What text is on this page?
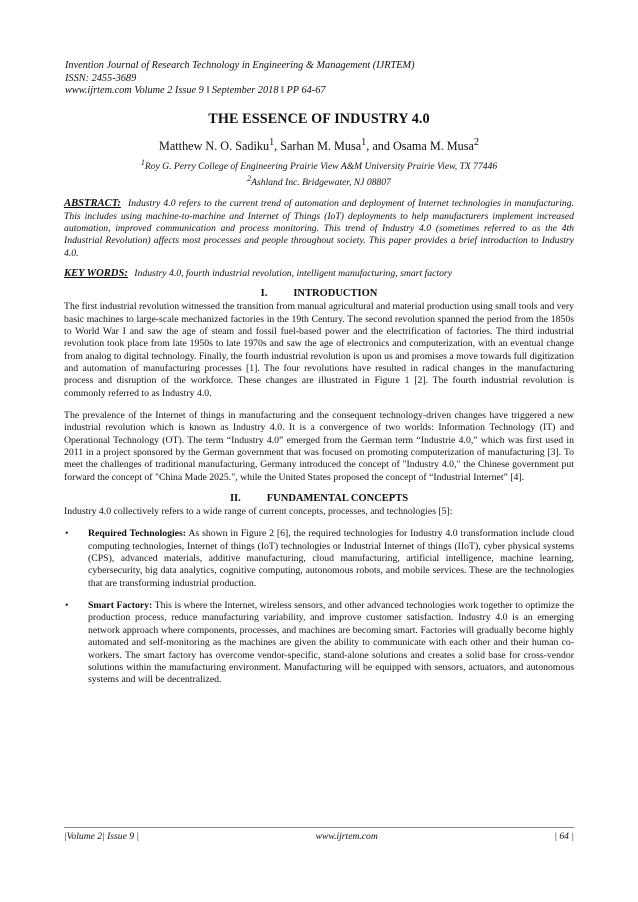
Invention Journal of Research Technology in Engineering & Management (IJRTEM)
ISSN: 2455-3689
www.ijrtem.com Volume 2 Issue 9 ǁ September 2018 ǁ PP 64-67
THE ESSENCE OF INDUSTRY 4.0
Matthew N. O. Sadiku$^1$, Sarhan M. Musa$^1$, and Osama M. Musa$^2$
$^1$Roy G. Perry College of Engineering Prairie View A&M University Prairie View, TX 77446
$^2$Ashland Inc. Bridgewater, NJ 08807
ABSTRACT: Industry 4.0 refers to the current trend of automation and deployment of Internet technologies in manufacturing. This includes using machine-to-machine and Internet of Things (IoT) deployments to help manufacturers implement increased automation, improved communication and process monitoring. This trend of Industry 4.0 (sometimes referred to as the 4th Industrial Revolution) affects most processes and people throughout society. This paper provides a brief introduction to Industry 4.0.
KEY WORDS: Industry 4.0, fourth industrial revolution, intelligent manufacturing, smart factory
I. INTRODUCTION
The first industrial revolution witnessed the transition from manual agricultural and material production using small tools and very basic machines to large-scale mechanized factories in the 19th Century. The second revolution spanned the period from the 1850s to World War I and saw the age of steam and fossil fuel-based power and the electrification of factories. The third industrial revolution took place from late 1950s to late 1970s and saw the age of electronics and computerization, with an eventual change from analog to digital technology. Finally, the fourth industrial revolution is upon us and promises a move towards full digitization and automation of manufacturing processes [1]. The four revolutions have resulted in radical changes in the manufacturing process and disruption of the workforce. These changes are illustrated in Figure 1 [2]. The fourth industrial revolution is commonly referred to as Industry 4.0.
The prevalence of the Internet of things in manufacturing and the consequent technology-driven changes have triggered a new industrial revolution which is known as Industry 4.0. It is a convergence of two worlds: Information Technology (IT) and Operational Technology (OT). The term “Industry 4.0” emerged from the German term “Industrie 4.0,” which was first used in 2011 in a project sponsored by the German government that was focused on promoting computerization of manufacturing [3]. To meet the challenges of traditional manufacturing, Germany introduced the concept of "Industry 4.0," the Chinese government put forward the concept of "China Made 2025.", while the United States proposed the concept of “Industrial Internet” [4].
II. FUNDAMENTAL CONCEPTS
Industry 4.0 collectively refers to a wide range of current concepts, processes, and technologies [5]:
•	Required Technologies: As shown in Figure 2 [6], the required technologies for Industry 4.0 transformation include cloud computing technologies, Internet of things (IoT) technologies or Industrial Internet of things (IIoT), cyber physical systems (CPS), advanced materials, additive manufacturing, cloud manufacturing, artificial intelligence, machine learning, cybersecurity, big data analytics, cognitive computing, autonomous robots, and mobile services. These are the technologies that are transforming industrial production.
•	Smart Factory: This is where the Internet, wireless sensors, and other advanced technologies work together to optimize the production process, reduce manufacturing variability, and improve customer satisfaction. Industry 4.0 is an emerging network approach where components, processes, and machines are becoming smart. Factories will gradually become highly automated and self-monitoring as the machines are given the ability to communicate with each other and their human co-workers. The smart factory has overcome vendor-specific, stand-alone solutions and creates a solid base for cross-vendor solutions within the manufacturing environment. Manufacturing will be equipped with sensors, actuators, and autonomous systems and will be decentralized.
|Volume 2| Issue 9 |	www.ijrtem.com	| 64 |
